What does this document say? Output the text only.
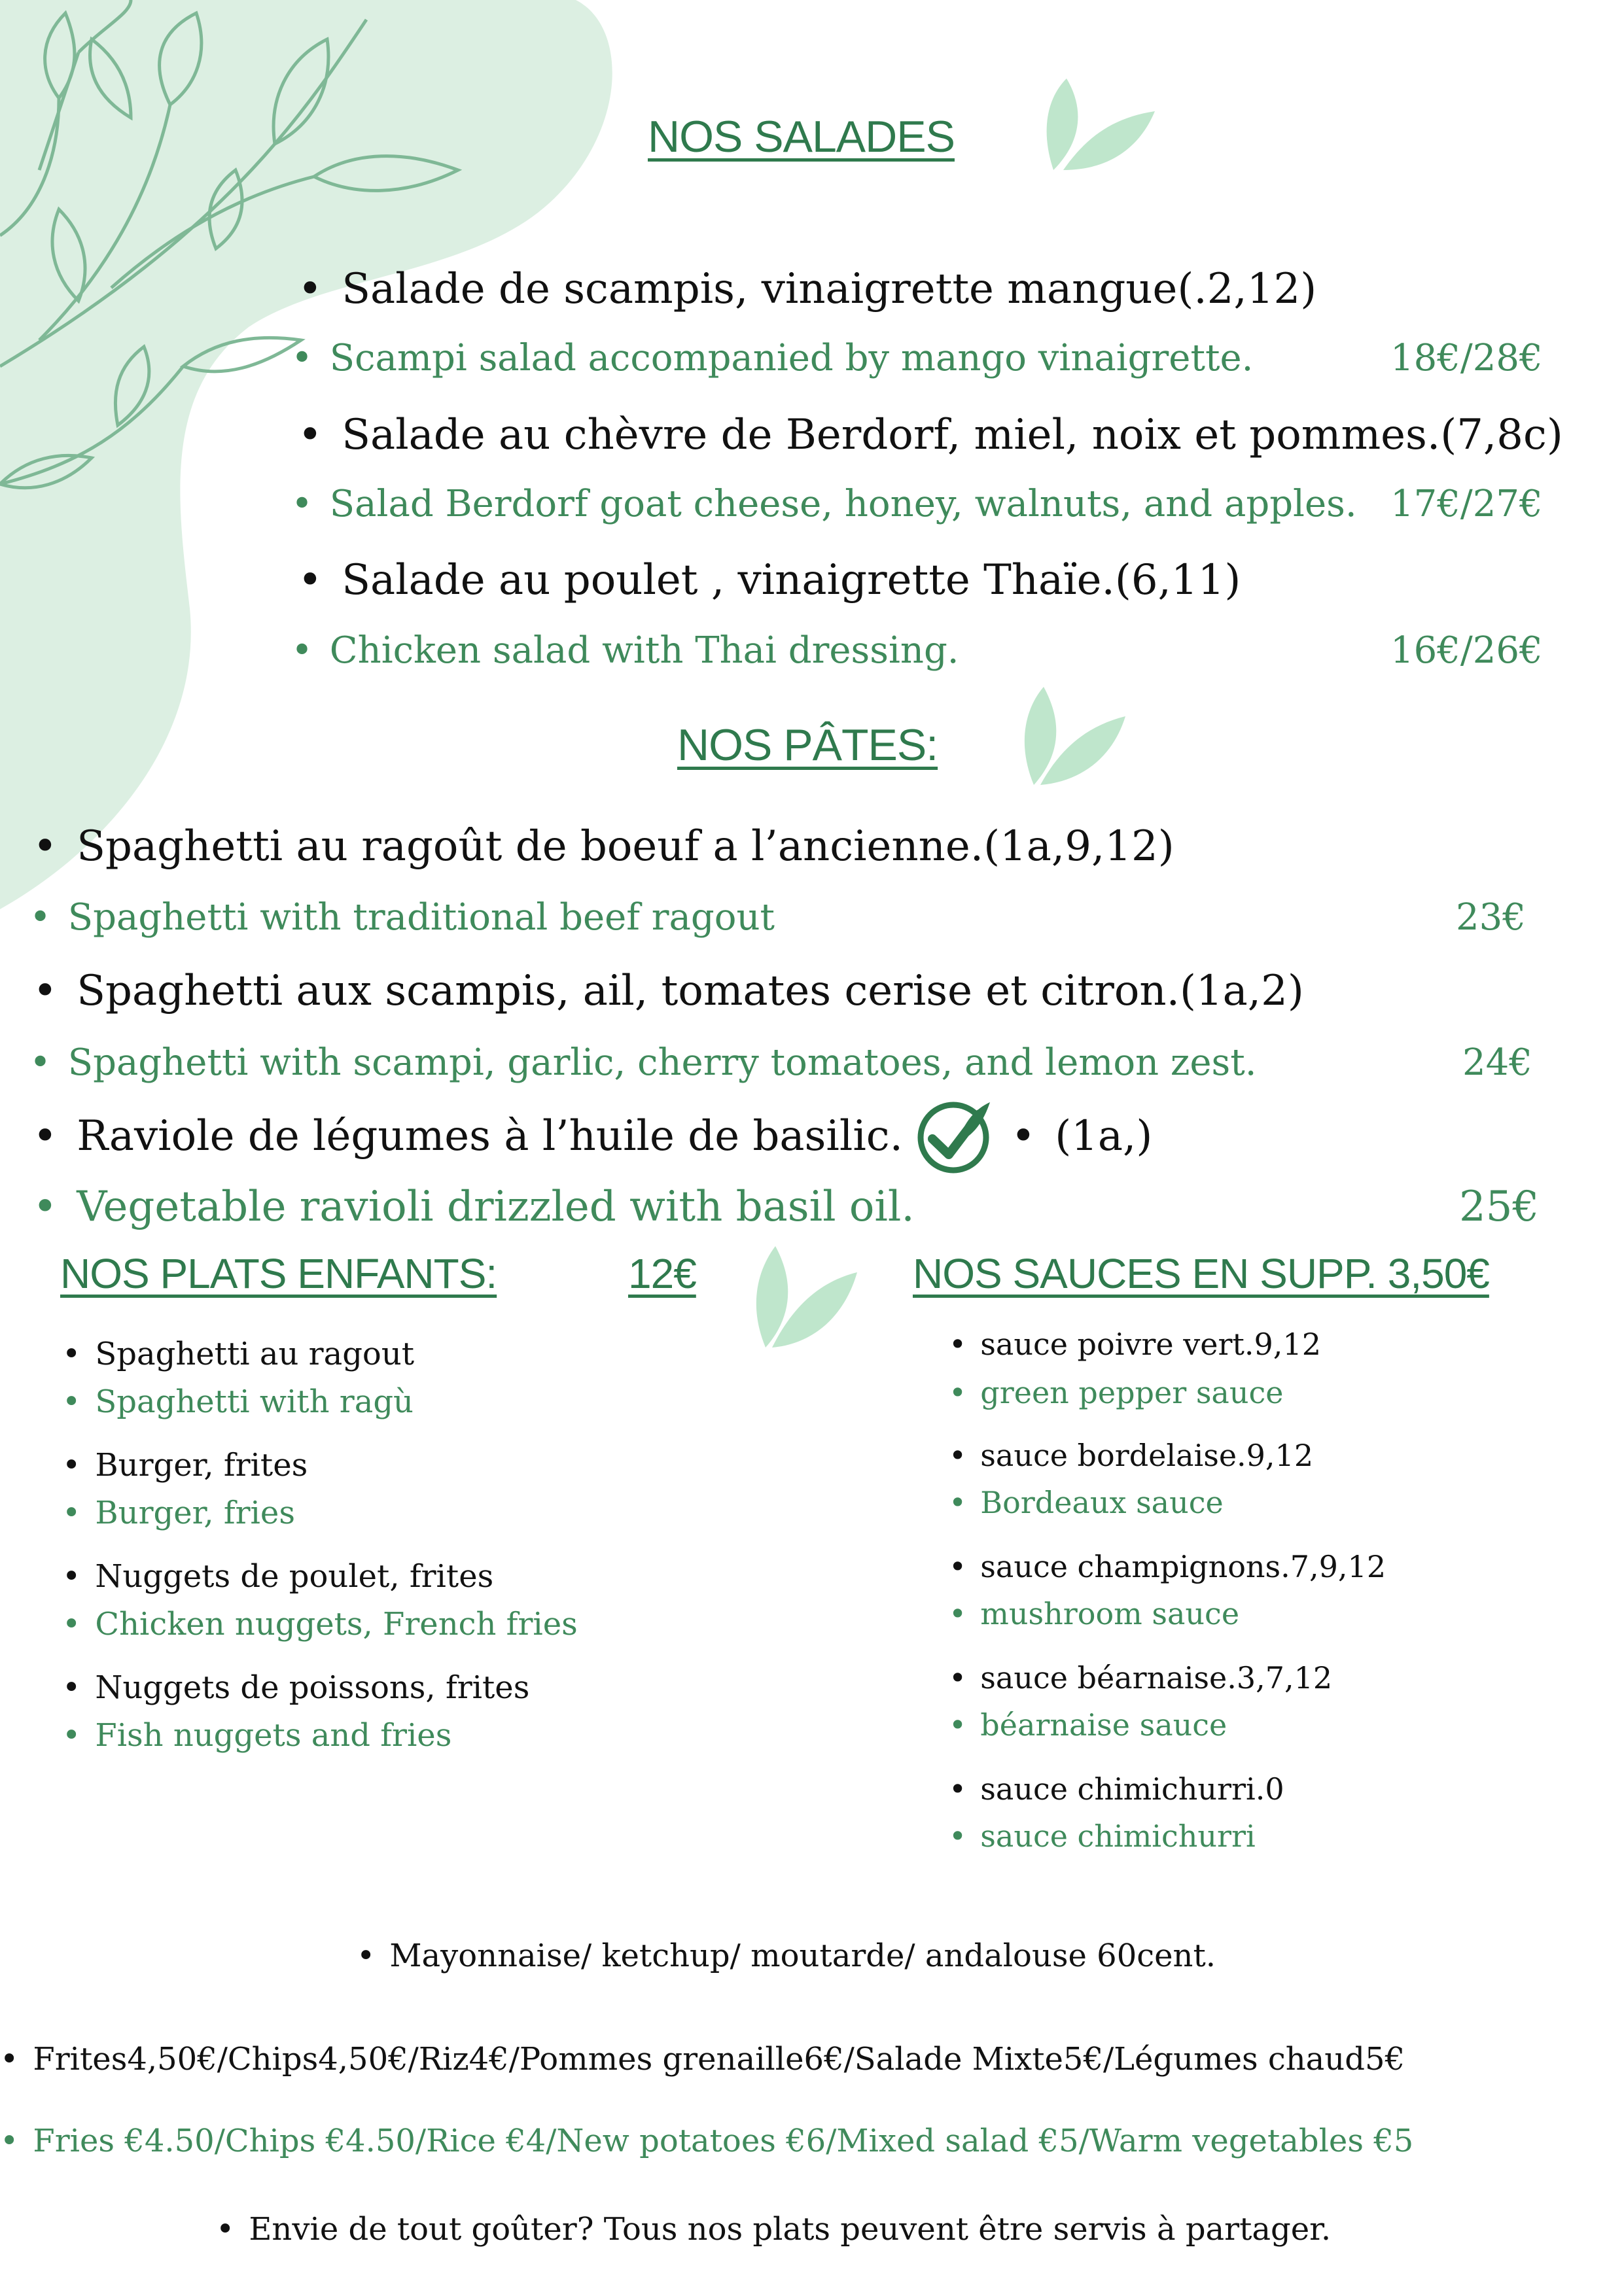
NOS SALADES
• Salade de scampis, vinaigrette mangue(.2,12)
• Scampi salad accompanied by mango vinaigrette.	18€/28€
• Salade au chèvre de Berdorf, miel, noix et pommes.(7,8c)
• Salad Berdorf goat cheese, honey, walnuts, and apples. 17€/27€
• Salade au poulet , vinaigrette Thaïe.(6,11)
• Chicken salad with Thai dressing.	16€/26€
NOS PÂTES:
• Spaghetti au ragoût de boeuf a l’ancienne.(1a,9,12)
• Spaghetti with traditional beef ragout	23€
• Spaghetti aux scampis, ail, tomates cerise et citron.(1a,2)
• Spaghetti with scampi, garlic, cherry tomatoes, and lemon zest.	24€
• Raviole de légumes à l’huile de basilic.
•	(1a,)
• Vegetable ravioli drizzled with basil oil.	25€
NOS PLATS ENFANTS:	12€
• Spaghetti au ragout
• Spaghetti with ragù
• Burger, frites
• Burger, fries
• Nuggets de poulet, frites
• Chicken nuggets, French fries
• Nuggets de poissons, frites
• Fish nuggets and fries
NOS SAUCES EN SUPP. 3,50€
• sauce poivre vert.9,12
• green pepper sauce
• sauce bordelaise.9,12
• Bordeaux sauce
• sauce champignons.7,9,12
• mushroom sauce
• sauce béarnaise.3,7,12
• béarnaise sauce
• sauce chimichurri.0
• sauce chimichurri
• Mayonnaise/ ketchup/ moutarde/ andalouse 60cent.
• Frites4,50€/Chips4,50€/Riz4€/Pommes grenaille6€/Salade Mixte5€/Légumes chaud5€
• Fries €4.50/Chips €4.50/Rice €4/New potatoes €6/Mixed salad €5/Warm vegetables €5
• Envie de tout goûter? Tous nos plats peuvent être servis à partager.
